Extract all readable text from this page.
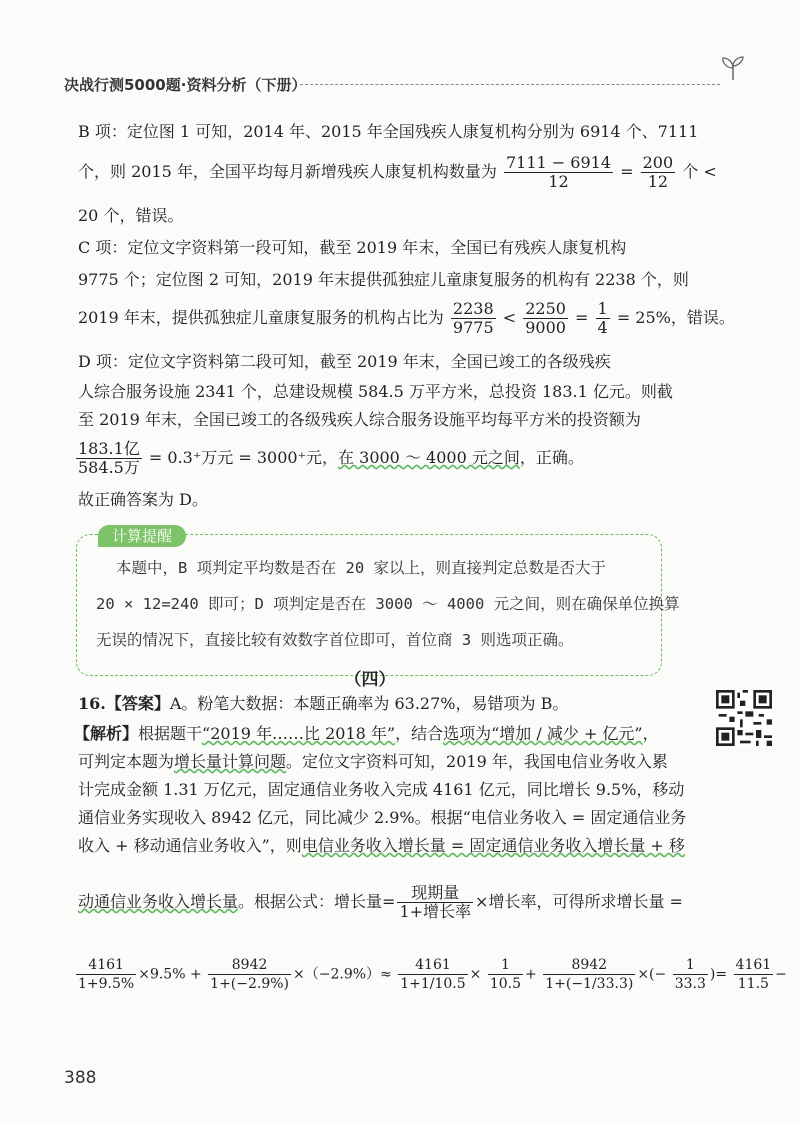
决战行测5000题·资料分析（下册）
B 项：定位图 1 可知，2014 年、2015 年全国残疾人康复机构分别为 6914 个、7111
个，则 2015 年，全国平均每月新增残疾人康复机构数量为 $\frac{7111 - 6914}{12} = \frac{200}{12}$ 个 <
20 个，错误。
C 项：定位文字资料第一段可知，截至 2019 年末，全国已有残疾人康复机构
9775 个；定位图 2 可知，2019 年末提供孤独症儿童康复服务的机构有 2238 个，则
2019 年末，提供孤独症儿童康复服务的机构占比为 $\frac{2238}{9775} < \frac{2250}{9000} = \frac{1}{4} = 25\%$，错误。
D 项：定位文字资料第二段可知，截至 2019 年末，全国已竣工的各级残疾
人综合服务设施 2341 个，总建设规模 584.5 万平方米，总投资 183.1 亿元。则截
至 2019 年末，全国已竣工的各级残疾人综合服务设施平均每平方米的投资额为
$\frac{\text{183.1亿}}{\text{584.5万}} = 0.3^+$万元 = 3000⁺元，在 3000 ～ 4000 元之间，正确。
故正确答案为 D。
计算提醒
本题中，B 项判定平均数是否在 20 家以上，则直接判定总数是否大于
20 × 12=240 即可；D 项判定是否在 3000 ～ 4000 元之间，则在确保单位换算
无误的情况下，直接比较有效数字首位即可，首位商 3 则选项正确。
（四）
16.【答案】A。粉笔大数据：本题正确率为 63.27%，易错项为 B。
【解析】根据题干“2019 年……比 2018 年”，结合选项为“增加 / 减少 + 亿元”，
可判定本题为增长量计算问题。定位文字资料可知，2019 年，我国电信业务收入累
计完成金额 1.31 万亿元，固定通信业务收入完成 4161 亿元，同比增长 9.5%，移动
通信业务实现收入 8942 亿元，同比减少 2.9%。根据“电信业务收入 = 固定通信业务
收入 + 移动通信业务收入”，则电信业务收入增长量 = 固定通信业务收入增长量 + 移
动通信业务收入增长量。根据公式：增长量= $\frac{\text{现期量}}{\text{1+增长率}}$ ×增长率，可得所求增长量 =
$\frac{4161}{1+9.5\%} \times 9.5\% + \frac{8942}{1+(-2.9\%)} \times(-2.9\%)\approx \frac{4161}{1+1/10.5} \times \frac{1}{10.5} + \frac{8942}{1+(-1/33.3)}$ ×(− $\frac{1}{33.3}$ )= $\frac{4161}{11.5}$ −
388
